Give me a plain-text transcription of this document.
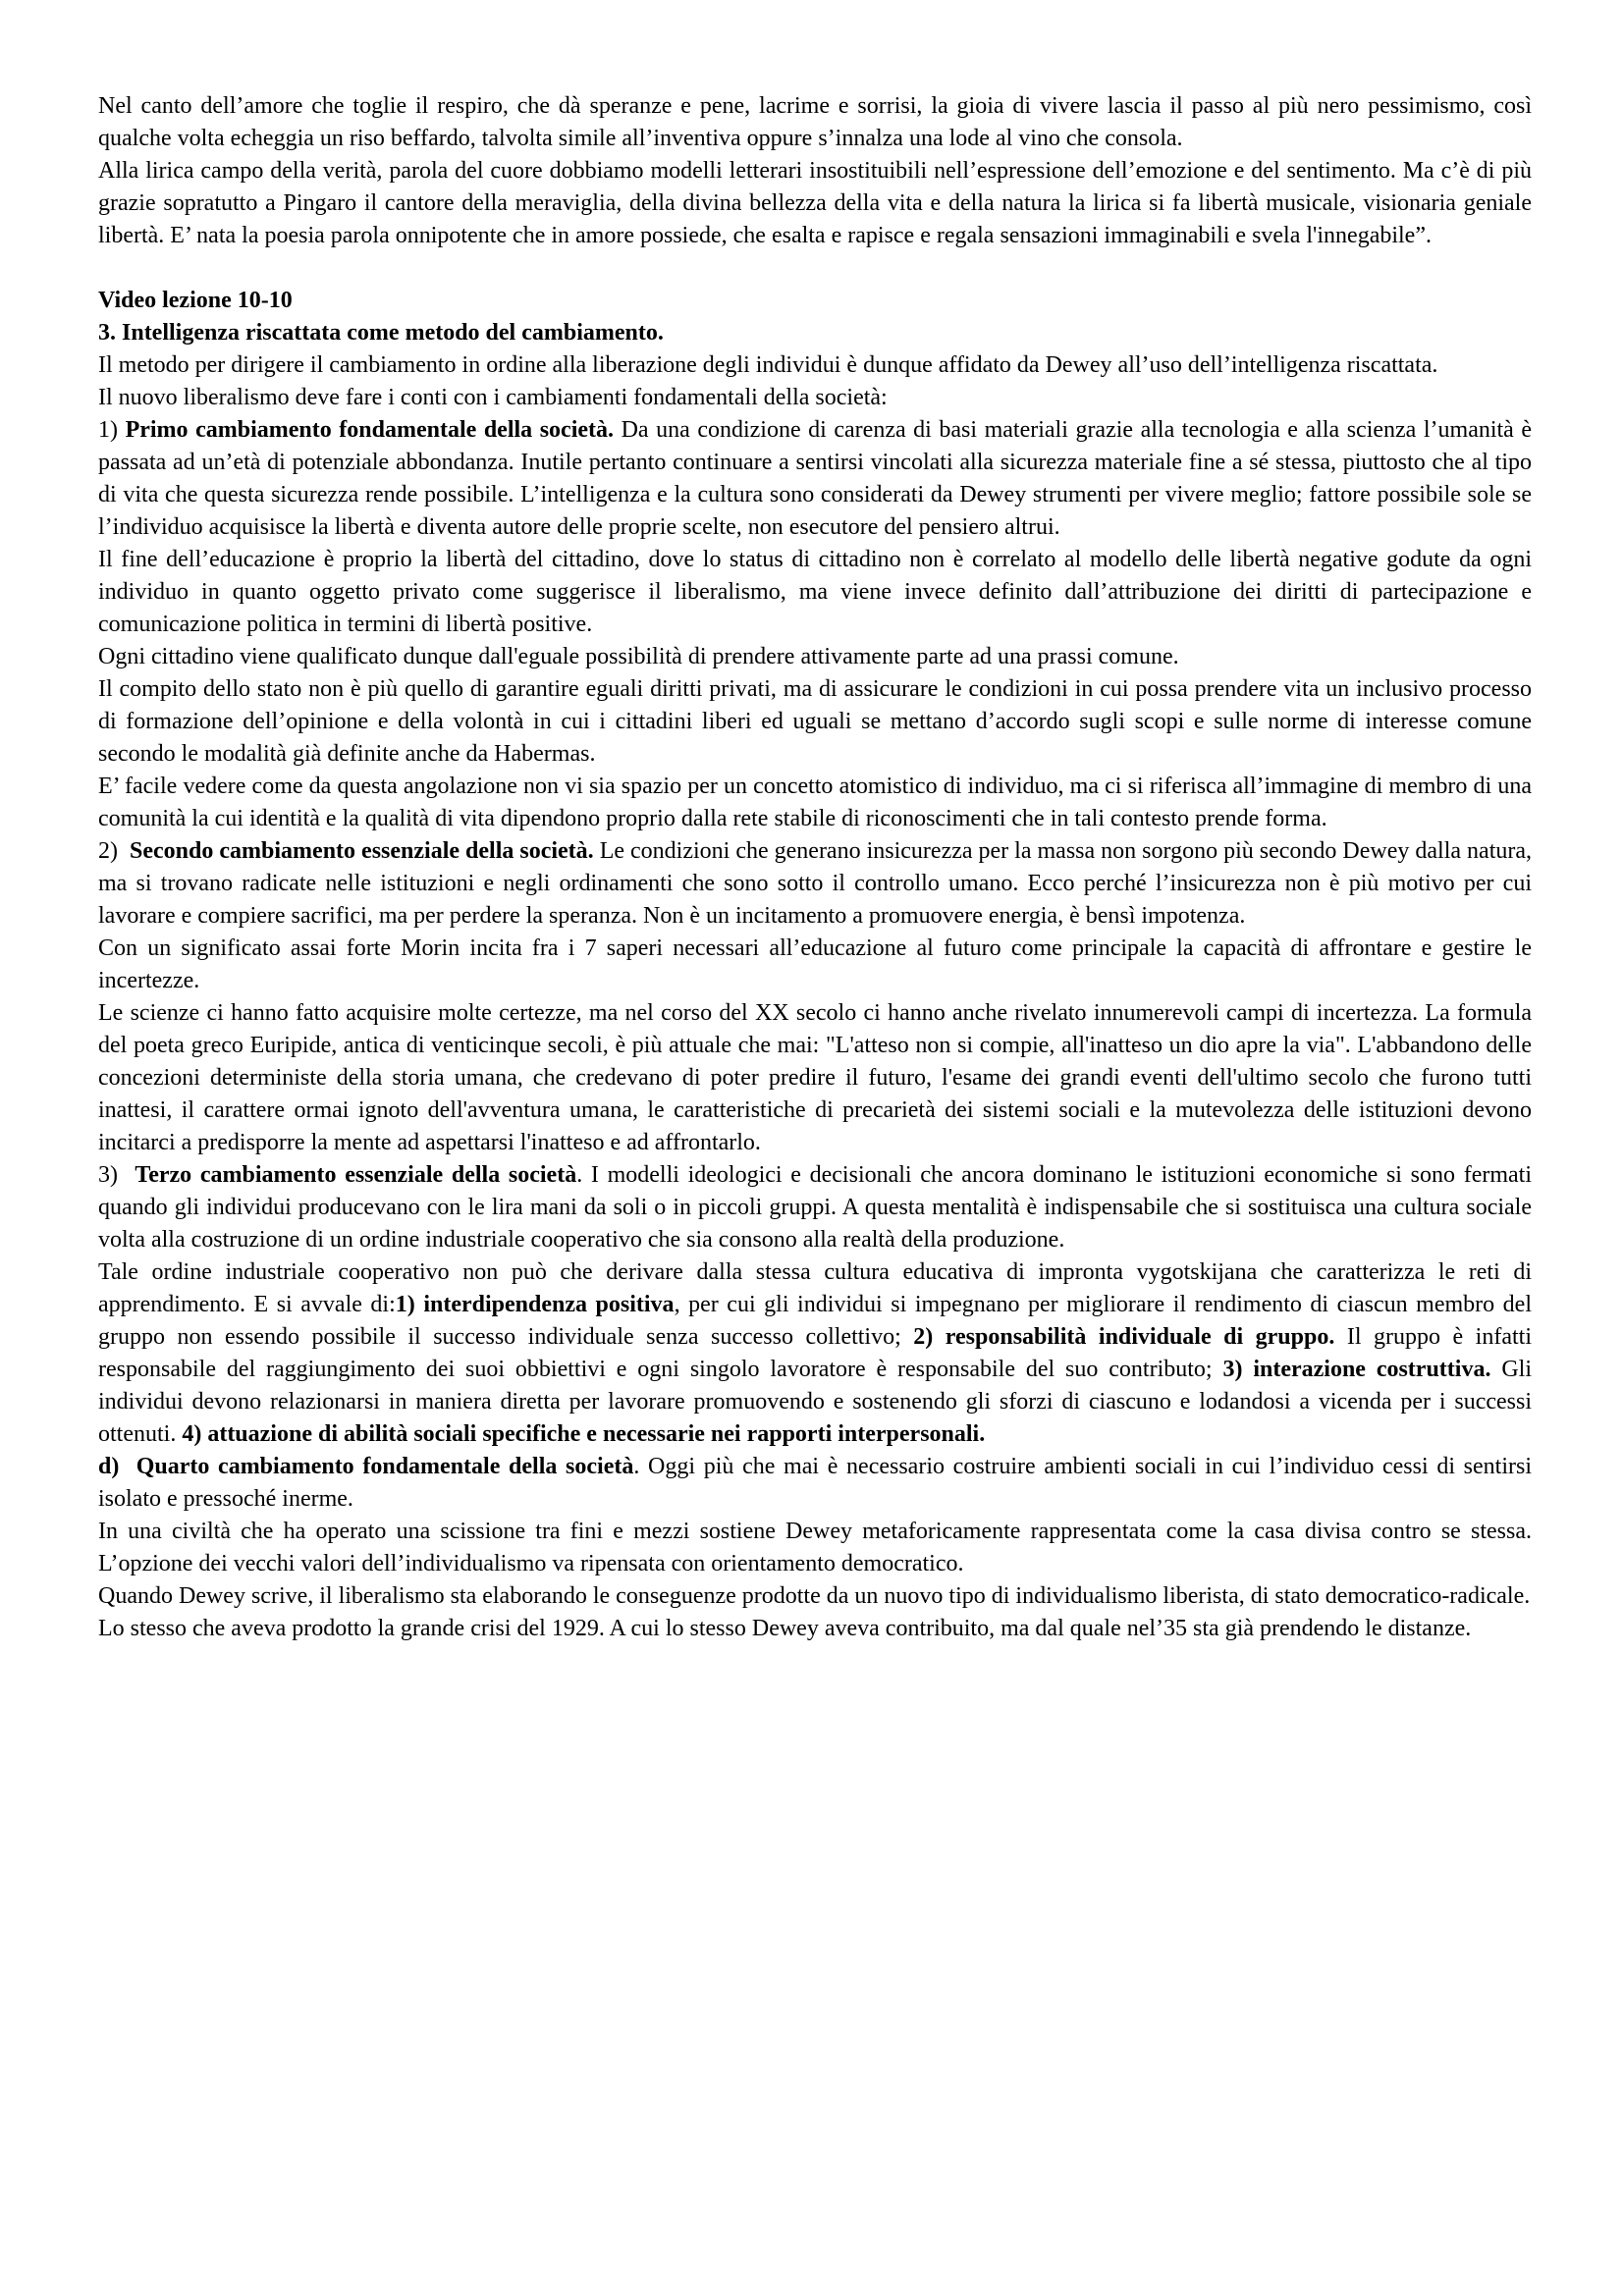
Nel canto dell’amore che toglie il respiro, che dà speranze e pene, lacrime e sorrisi, la gioia di vivere lascia il passo al più nero pessimismo, così qualche volta echeggia un riso beffardo, talvolta simile all’inventiva oppure s’innalza una lode al vino che consola.

Alla lirica campo della verità, parola del cuore dobbiamo modelli letterari insostituibili nell’espressione dell’emozione e del sentimento. Ma c’è di più grazie sopratutto a Pingaro il cantore della meraviglia, della divina bellezza della vita e della natura la lirica si fa libertà musicale, visionaria geniale libertà. E’ nata la poesia parola onnipotente che in amore possiede, che esalta e rapisce e regala sensazioni immaginabili e svela l'innegabile”.

Video lezione 10-10

3. Intelligenza riscattata come metodo del cambiamento.

Il metodo per dirigere il cambiamento in ordine alla liberazione degli individui è dunque affidato da Dewey all’uso dell’intelligenza riscattata.

Il nuovo liberalismo deve fare i conti con i cambiamenti fondamentali della società:

1) Primo cambiamento fondamentale della società. Da una condizione di carenza di basi materiali grazie alla tecnologia e alla scienza l’umanità è passata ad un’età di potenziale abbondanza. Inutile pertanto continuare a sentirsi vincolati alla sicurezza materiale fine a sé stessa, piuttosto che al tipo di vita che questa sicurezza rende possibile. L’intelligenza e la cultura sono considerati da Dewey strumenti per vivere meglio; fattore possibile sole se l’individuo acquisisce la libertà e diventa autore delle proprie scelte, non esecutore del pensiero altrui.

Il fine dell’educazione è proprio la libertà del cittadino, dove lo status di cittadino non è correlato al modello delle libertà negative godute da ogni individuo in quanto oggetto privato come suggerisce il liberalismo, ma viene invece definito dall’attribuzione dei diritti di partecipazione e comunicazione politica in termini di libertà positive.

Ogni cittadino viene qualificato dunque dall'eguale possibilità di prendere attivamente parte ad una prassi comune.

Il compito dello stato non è più quello di garantire eguali diritti privati, ma di assicurare le condizioni in cui possa prendere vita un inclusivo processo di formazione dell’opinione e della volontà in cui i cittadini liberi ed uguali se mettano d’accordo sugli scopi e sulle norme di interesse comune secondo le modalità già definite anche da Habermas.

E’ facile vedere come da questa angolazione non vi sia spazio per un concetto atomistico di individuo, ma ci si riferisca all’immagine di membro di una comunità la cui identità e la qualità di vita dipendono proprio dalla rete stabile di riconoscimenti che in tali contesto prende forma.

2) Secondo cambiamento essenziale della società. Le condizioni che generano insicurezza per la massa non sorgono più secondo Dewey dalla natura, ma si trovano radicate nelle istituzioni e negli ordinamenti che sono sotto il controllo umano. Ecco perché l’insicurezza non è più motivo per cui lavorare e compiere sacrifici, ma per perdere la speranza. Non è un incitamento a promuovere energia, è bensì impotenza.

Con un significato assai forte Morin incita fra i 7 saperi necessari all’educazione al futuro come principale la capacità di affrontare e gestire le incertezze.

Le scienze ci hanno fatto acquisire molte certezze, ma nel corso del XX secolo ci hanno anche rivelato innumerevoli campi di incertezza. La formula del poeta greco Euripide, antica di venticinque secoli, è più attuale che mai: "L'atteso non si compie, all'inatteso un dio apre la via". L'abbandono delle concezioni deterministe della storia umana, che credevano di poter predire il futuro, l'esame dei grandi eventi dell'ultimo secolo che furono tutti inattesi, il carattere ormai ignoto dell'avventura umana, le caratteristiche di precarietà dei sistemi sociali e la mutevolezza delle istituzioni devono incitarci a predisporre la mente ad aspettarsi l'inatteso e ad affrontarlo.

3) Terzo cambiamento essenziale della società. I modelli ideologici e decisionali che ancora dominano le istituzioni economiche si sono fermati quando gli individui producevano con le lira mani da soli o in piccoli gruppi. A questa mentalità è indispensabile che si sostituisca una cultura sociale volta alla costruzione di un ordine industriale cooperativo che sia consono alla realtà della produzione.

Tale ordine industriale cooperativo non può che derivare dalla stessa cultura educativa di impronta vygotskijana che caratterizza le reti di apprendimento. E si avvale di:1) interdipendenza positiva, per cui gli individui si impegnano per migliorare il rendimento di ciascun membro del gruppo non essendo possibile il successo individuale senza successo collettivo; 2) responsabilità individuale di gruppo. Il gruppo è infatti responsabile del raggiungimento dei suoi obbiettivi e ogni singolo lavoratore è responsabile del suo contributo; 3) interazione costruttiva. Gli individui devono relazionarsi in maniera diretta per lavorare promuovendo e sostenendo gli sforzi di ciascuno e lodandosi a vicenda per i successi ottenuti. 4) attuazione di abilità sociali specifiche e necessarie nei rapporti interpersonali.

d) Quarto cambiamento fondamentale della società. Oggi più che mai è necessario costruire ambienti sociali in cui l’individuo cessi di sentirsi isolato e pressoché inerme.

In una civiltà che ha operato una scissione tra fini e mezzi sostiene Dewey metaforicamente rappresentata come la casa divisa contro se stessa. L’opzione dei vecchi valori dell’individualismo va ripensata con orientamento democratico.

Quando Dewey scrive, il liberalismo sta elaborando le conseguenze prodotte da un nuovo tipo di individualismo liberista, di stato democratico-radicale.

Lo stesso che aveva prodotto la grande crisi del 1929. A cui lo stesso Dewey aveva contribuito, ma dal quale nel’35 sta già prendendo le distanze.
